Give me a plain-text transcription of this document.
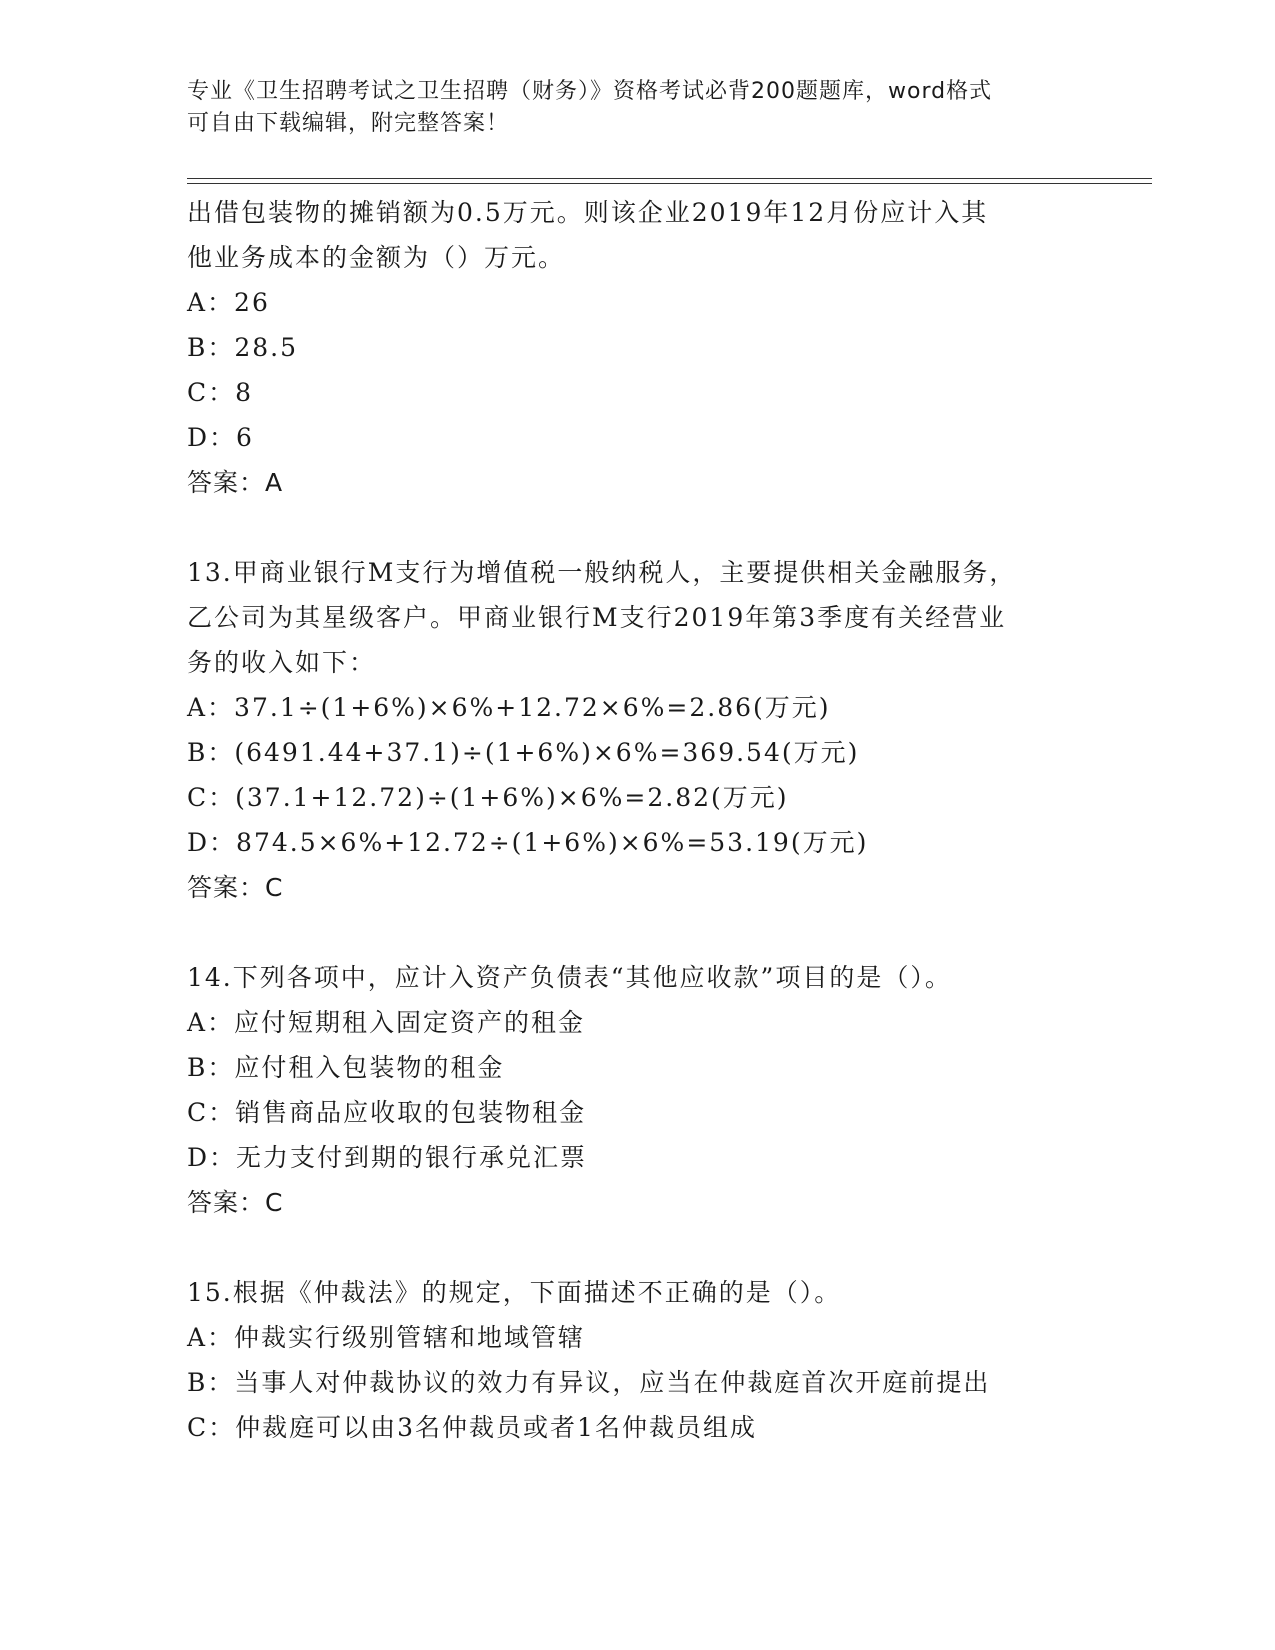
专业《卫生招聘考试之卫生招聘（财务）》资格考试必背200题题库，word格式
可自由下载编辑，附完整答案！
出借包装物的摊销额为0.5万元。则该企业2019年12月份应计入其
他业务成本的金额为（）万元。
A：26
B：28.5
C：8
D：6
答案：A
13.甲商业银行M支行为增值税一般纳税人，主要提供相关金融服务，
乙公司为其星级客户。甲商业银行M支行2019年第3季度有关经营业
务的收入如下：
A：37.1÷(1+6%)×6%+12.72×6%=2.86(万元)
B：(6491.44+37.1)÷(1+6%)×6%=369.54(万元)
C：(37.1+12.72)÷(1+6%)×6%=2.82(万元)
D：874.5×6%+12.72÷(1+6%)×6%=53.19(万元)
答案：C
14.下列各项中，应计入资产负债表“其他应收款”项目的是（）。
A：应付短期租入固定资产的租金
B：应付租入包装物的租金
C：销售商品应收取的包装物租金
D：无力支付到期的银行承兑汇票
答案：C
15.根据《仲裁法》的规定，下面描述不正确的是（）。
A：仲裁实行级别管辖和地域管辖
B：当事人对仲裁协议的效力有异议，应当在仲裁庭首次开庭前提出
C：仲裁庭可以由3名仲裁员或者1名仲裁员组成
